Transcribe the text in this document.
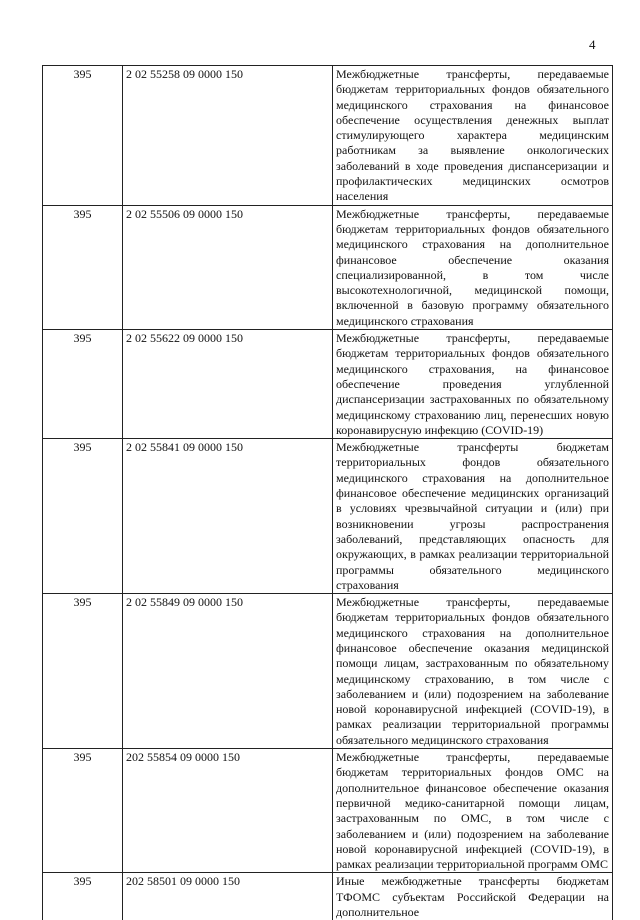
4
395	2 02 55258 09 0000 150	Межбюджетные трансферты, передаваемые бюджетам территориальных фондов обязательного медицинского страхования на финансовое обеспечение осуществления денежных выплат стимулирующего характера медицинским работникам за выявление онкологических заболеваний в ходе проведения диспансеризации и профилактических медицинских осмотров населения
395	2 02 55506 09 0000 150	Межбюджетные трансферты, передаваемые бюджетам территориальных фондов обязательного медицинского страхования на дополнительное финансовое обеспечение оказания специализированной, в том числе высокотехнологичной, медицинской помощи, включенной в базовую программу обязательного медицинского страхования
395	2 02 55622 09 0000 150	Межбюджетные трансферты, передаваемые бюджетам территориальных фондов обязательного медицинского страхования, на финансовое обеспечение проведения углубленной диспансеризации застрахованных по обязательному медицинскому страхованию лиц, перенесших новую коронавирусную инфекцию (COVID-19)
395	2 02 55841 09 0000 150	Межбюджетные трансферты бюджетам территориальных фондов обязательного медицинского страхования на дополнительное финансовое обеспечение медицинских организаций в условиях чрезвычайной ситуации и (или) при возникновении угрозы распространения заболеваний, представляющих опасность для окружающих, в рамках реализации территориальной программы обязательного медицинского страхования
395	2 02 55849 09 0000 150	Межбюджетные трансферты, передаваемые бюджетам территориальных фондов обязательного медицинского страхования на дополнительное финансовое обеспечение оказания медицинской помощи лицам, застрахованным по обязательному медицинскому страхованию, в том числе с заболеванием и (или) подозрением на заболевание новой коронавирусной инфекцией (COVID-19), в рамках реализации территориальной программы обязательного медицинского страхования
395	202 55854 09 0000 150	Межбюджетные трансферты, передаваемые бюджетам территориальных фондов ОМС на дополнительное финансовое обеспечение оказания первичной медико-санитарной помощи лицам, застрахованным по ОМС, в том числе с заболеванием и (или) подозрением на заболевание новой коронавирусной инфекцией (COVID-19), в рамках реализации территориальной программ ОМС
395	202 58501 09 0000 150	Иные межбюджетные трансферты бюджетам ТФОМС субъектам Российской Федерации на дополнительное
